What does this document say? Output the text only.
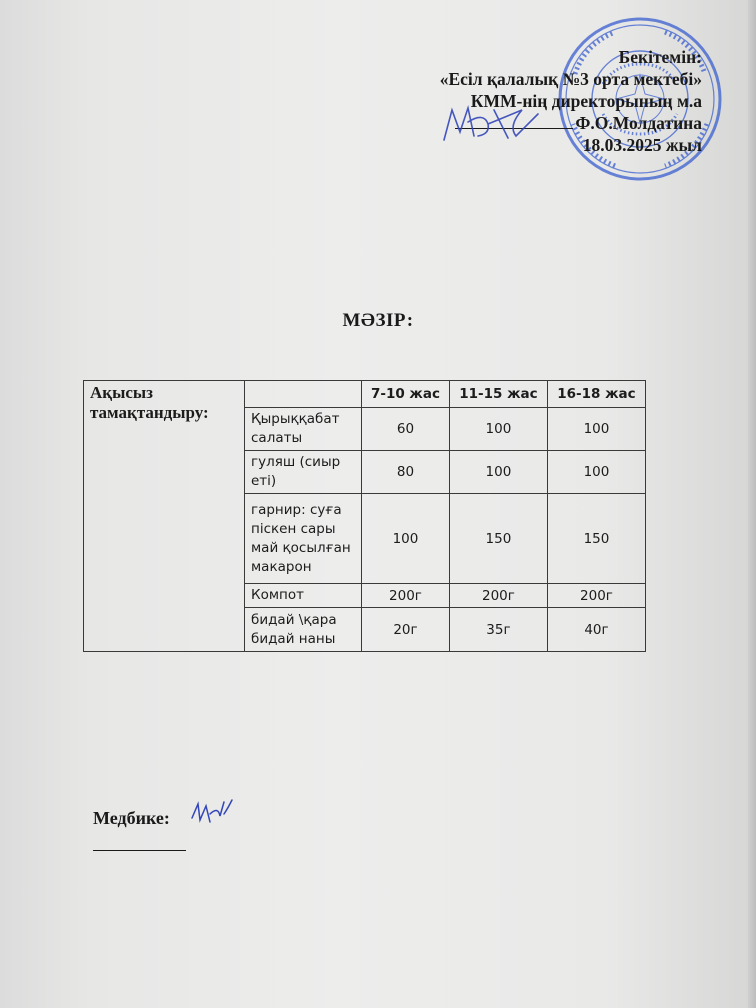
Бекітемін:
«Есіл қалалық №3 орта мектебі»
КММ-нің директорының м.а
Ф.О.Молдатина
18.03.2025 жыл
МӘЗІР:
Ақысыз тамақтандыру:		7-10 жас	11-15 жас	16-18 жас
	Қырыққабат салаты	60	100	100
	гуляш (сиыр еті)	80	100	100
	гарнир: суға піскен сары май қосылған макарон	100	150	150
	Компот	200г	200г	200г
	бидай \қара бидай наны	20г	35г	40г
Медбике:
